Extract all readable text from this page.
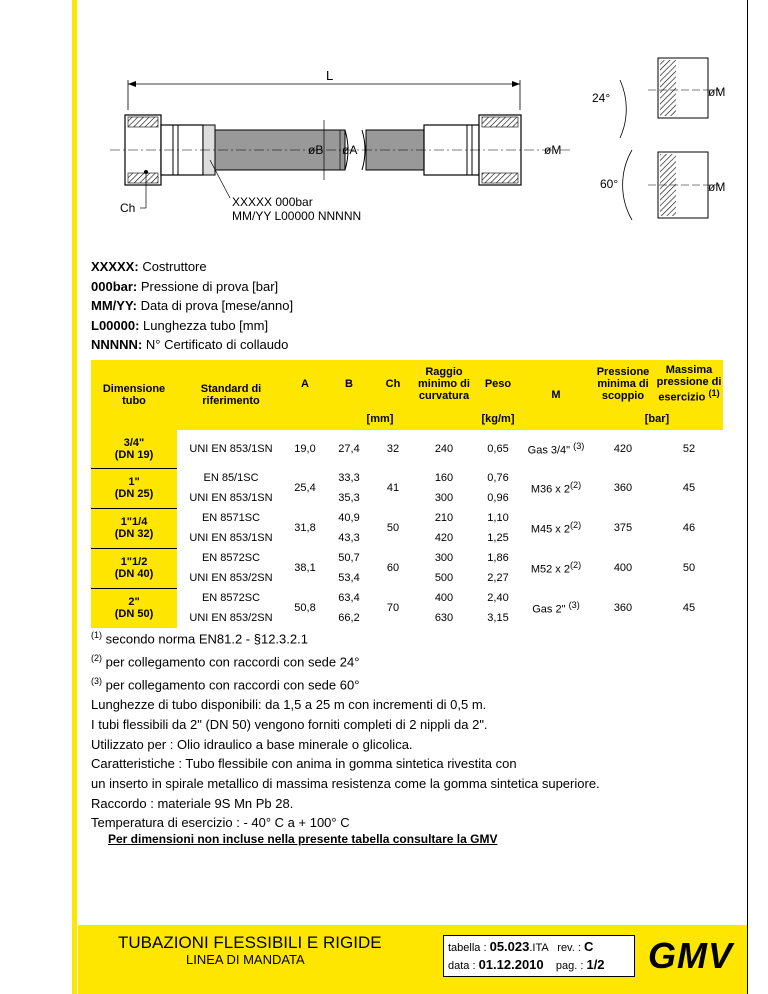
L
øB øA	øM
Ch	XXXXX 000bar
MM/YY L00000 NNNNN
24°	øM
60°	øM
XXXXX: Costruttore
000bar: Pressione di prova [bar]
MM/YY: Data di prova [mese/anno]
L00000: Lunghezza tubo [mm]
NNNNN: N° Certificato di collaudo
Dimensione tubo	Standard di riferimento	A	B	Ch	Raggio minimo di curvatura	Peso	M	Pressione minima di scoppio	Massima pressione di esercizio $^{(1)}$
		[mm]				[kg/m]		[bar]	

3/4"
(DN 19)	UNI EN 853/1SN	19,0	27,4	32	240	0,65	Gas 3/4" $^{(3)}$	420	52

1"
(DN 25)	EN 85/1SC	25,4	33,3	41	160	0,76	M36 x 2$^{(2)}$	360	45
	UNI EN 853/1SN		35,3		300	0,96			

1"1/4
(DN 32)	EN 8571SC	31,8	40,9	50	210	1,10	M45 x 2$^{(2)}$	375	46
	UNI EN 853/1SN		43,3		420	1,25			

1"1/2
(DN 40)	EN 8572SC	38,1	50,7	60	300	1,86	M52 x 2$^{(2)}$	400	50
	UNI EN 853/2SN		53,4		500	2,27			

2"
(DN 50)	EN 8572SC	50,8	63,4	70	400	2,40	Gas 2" $^{(3)}$	360	45
	UNI EN 853/2SN		66,2		630	3,15			
$^{(1)}$ secondo norma EN81.2 - §12.3.2.1
$^{(2)}$ per collegamento con raccordi con sede 24°
$^{(3)}$ per collegamento con raccordi con sede 60°
Lunghezze di tubo disponibili: da 1,5 a 25 m con incrementi di 0,5 m.
I tubi flessibili da 2" (DN 50) vengono forniti completi di 2 nippli da 2".
Utilizzato per : Olio idraulico a base minerale o glicolica.
Caratteristiche : Tubo flessibile con anima in gomma sintetica rivestita con
un inserto in spirale metallico di massima resistenza come la gomma sintetica superiore.
Raccordo : materiale 9S Mn Pb 28.
Temperatura di esercizio : - 40° C a + 100° C
Per dimensioni non incluse nella presente tabella consultare la GMV
TUBAZIONI FLESSIBILI E RIGIDE
LINEA DI MANDATA
tabella : 05.023.ITA rev. : C
data : 01.12.2010 pag. : 1/2 GMV
